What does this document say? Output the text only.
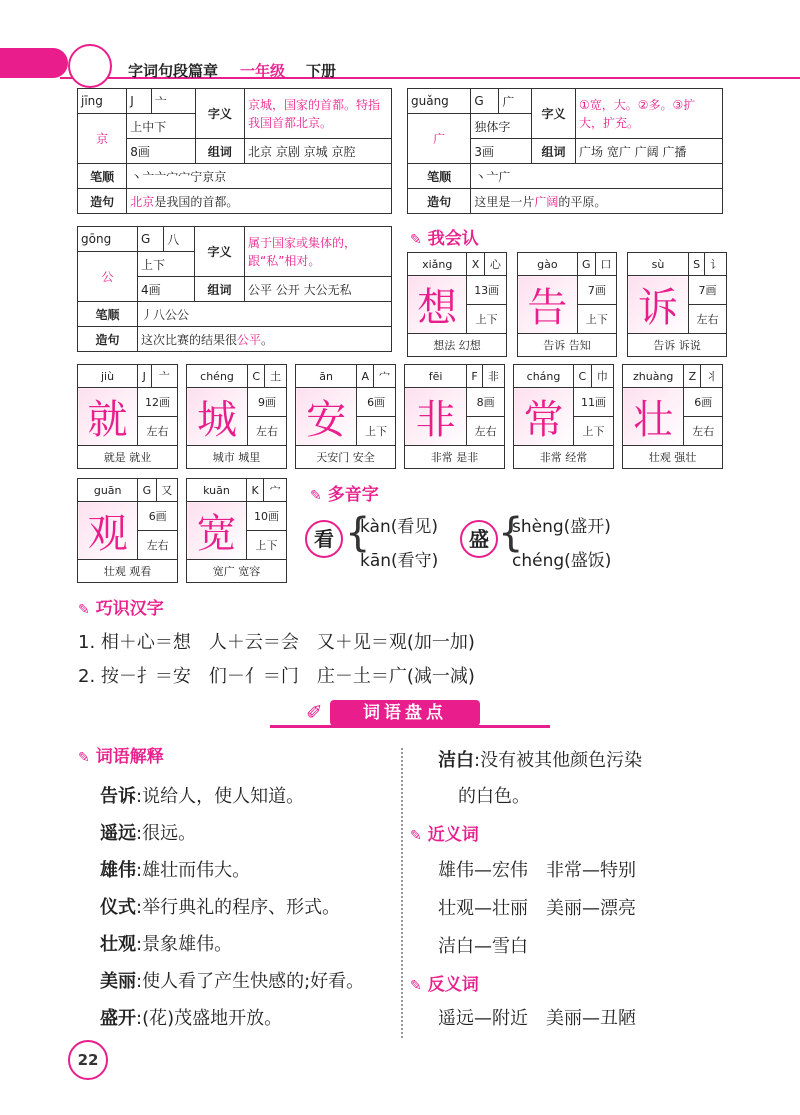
字词句段篇章 一年级 下册
jīng	J	亠	字义	京城，国家的首都。特指我国首都北京。
京	上中下			
	8画		组词	北京 京剧 京城 京腔
笔顺	丶亠亠宀宀宁亰京			
造句	北京是我国的首都。			
guǎng	G	广	字义	①宽，大。②多。③扩大，扩充。
广	独体字			
	3画		组词	广场 宽广 广阔 广播
笔顺	丶亠广			
造句	这里是一片广阔的平原。			
gōng	G	八	字义	属于国家或集体的，跟“私”相对。
公	上下			
	4画		组词	公平 公开 大公无私
笔顺	丿八公公			
造句	这次比赛的结果很公平。			
✎ 我会认
✎ 多音字
看 {
kàn(看见)
kān(看守)
盛 {
shèng(盛开)
chéng(盛饭)
✎ 巧识汉字
1. 相＋心＝想　人＋云＝会　又＋见＝观(加一加)
2. 按－扌＝安　们－亻＝门　庄－土＝广(减一减)
词语盘点
✐
✎ 词语解释
告诉:说给人，使人知道。
遥远:很远。
雄伟:雄壮而伟大。
仪式:举行典礼的程序、形式。
壮观:景象雄伟。
美丽:使人看了产生快感的;好看。
盛开:(花)茂盛地开放。
洁白:没有被其他颜色污染
的白色。
✎ 近义词
雄伟—宏伟　非常—特别
壮观—壮丽　美丽—漂亮
洁白—雪白
✎ 反义词
遥远—附近　美丽—丑陋
22
xiǎng	X	心
想	13画	
	上下	
想法 幻想		
gào	G	口
告	7画	
	上下	
告诉 告知		
sù	S	讠
诉	7画	
	左右	
告诉 诉说		
jiù	J	亠
就	12画	
	左右	
就是 就业		
chéng	C	土
城	9画	
	左右	
城市 城里		
ān	A	宀
安	6画	
	上下	
天安门 安全		
fēi	F	非
非	8画	
	左右	
非常 是非		
cháng	C	巾
常	11画	
	上下	
非常 经常		
zhuàng	Z	丬
壮	6画	
	左右	
壮观 强壮		
guān	G	又
观	6画	
	左右	
壮观 观看		
kuān	K	宀
宽	10画	
	上下	
宽广 宽容		
